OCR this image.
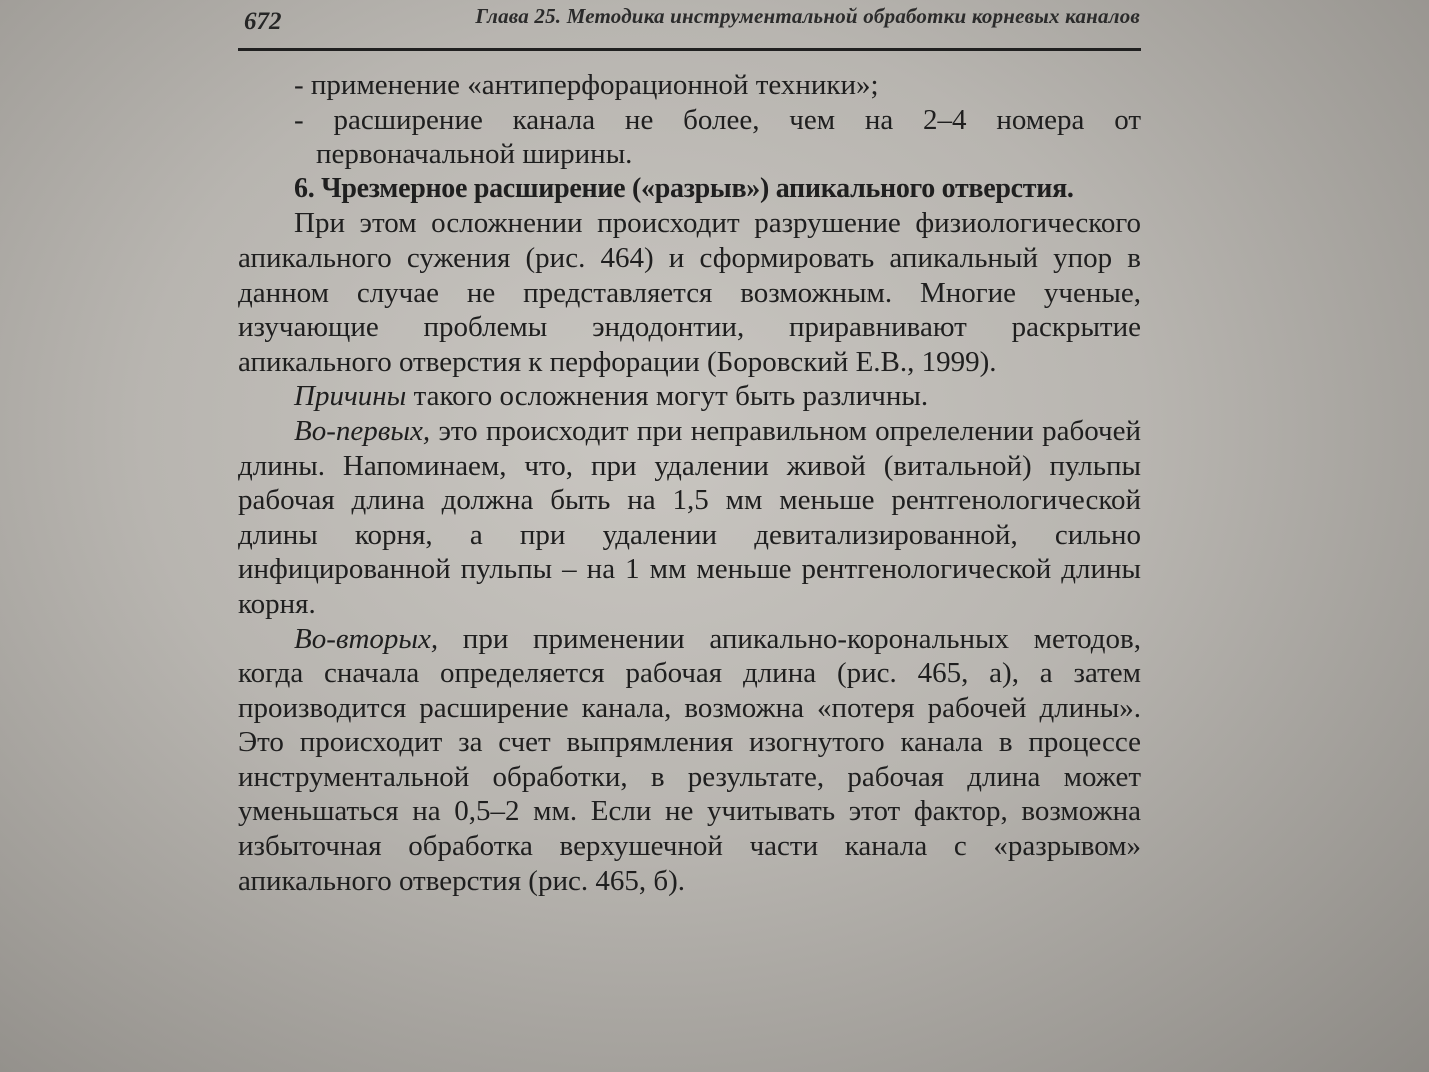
672	Глава 25. Методика инструментальной обработки корневых каналов

- применение «антиперфорационной техники»;

- расширение канала не более, чем на 2–4 номера от первоначальной ширины.

6. Чрезмерное расширение («разрыв») апикального отверстия.

При этом осложнении происходит разрушение физиологического апикального сужения (рис. 464) и сформировать апикальный упор в данном случае не представляется возможным. Многие ученые, изучающие проблемы эндодонтии, приравнивают раскрытие апикального отверстия к перфорации (Боровский Е.В., 1999).

Причины такого осложнения могут быть различны.

Во-первых, это происходит при неправильном опрелелении рабочей длины. Напоминаем, что, при удалении живой (витальной) пульпы рабочая длина должна быть на 1,5 мм меньше рентгенологической длины корня, а при удалении девитализированной, сильно инфицированной пульпы – на 1 мм меньше рентгенологической длины корня.

Во-вторых, при применении апикально-корональных методов, когда сначала определяется рабочая длина (рис. 465, а), а затем производится расширение канала, возможна «потеря рабочей длины». Это происходит за счет выпрямления изогнутого канала в процессе инструментальной обработки, в результате, рабочая длина может уменьшаться на 0,5–2 мм. Если не учитывать этот фактор, возможна избыточная обработка верхушечной части канала с «разрывом» апикального отверстия (рис. 465, б).
